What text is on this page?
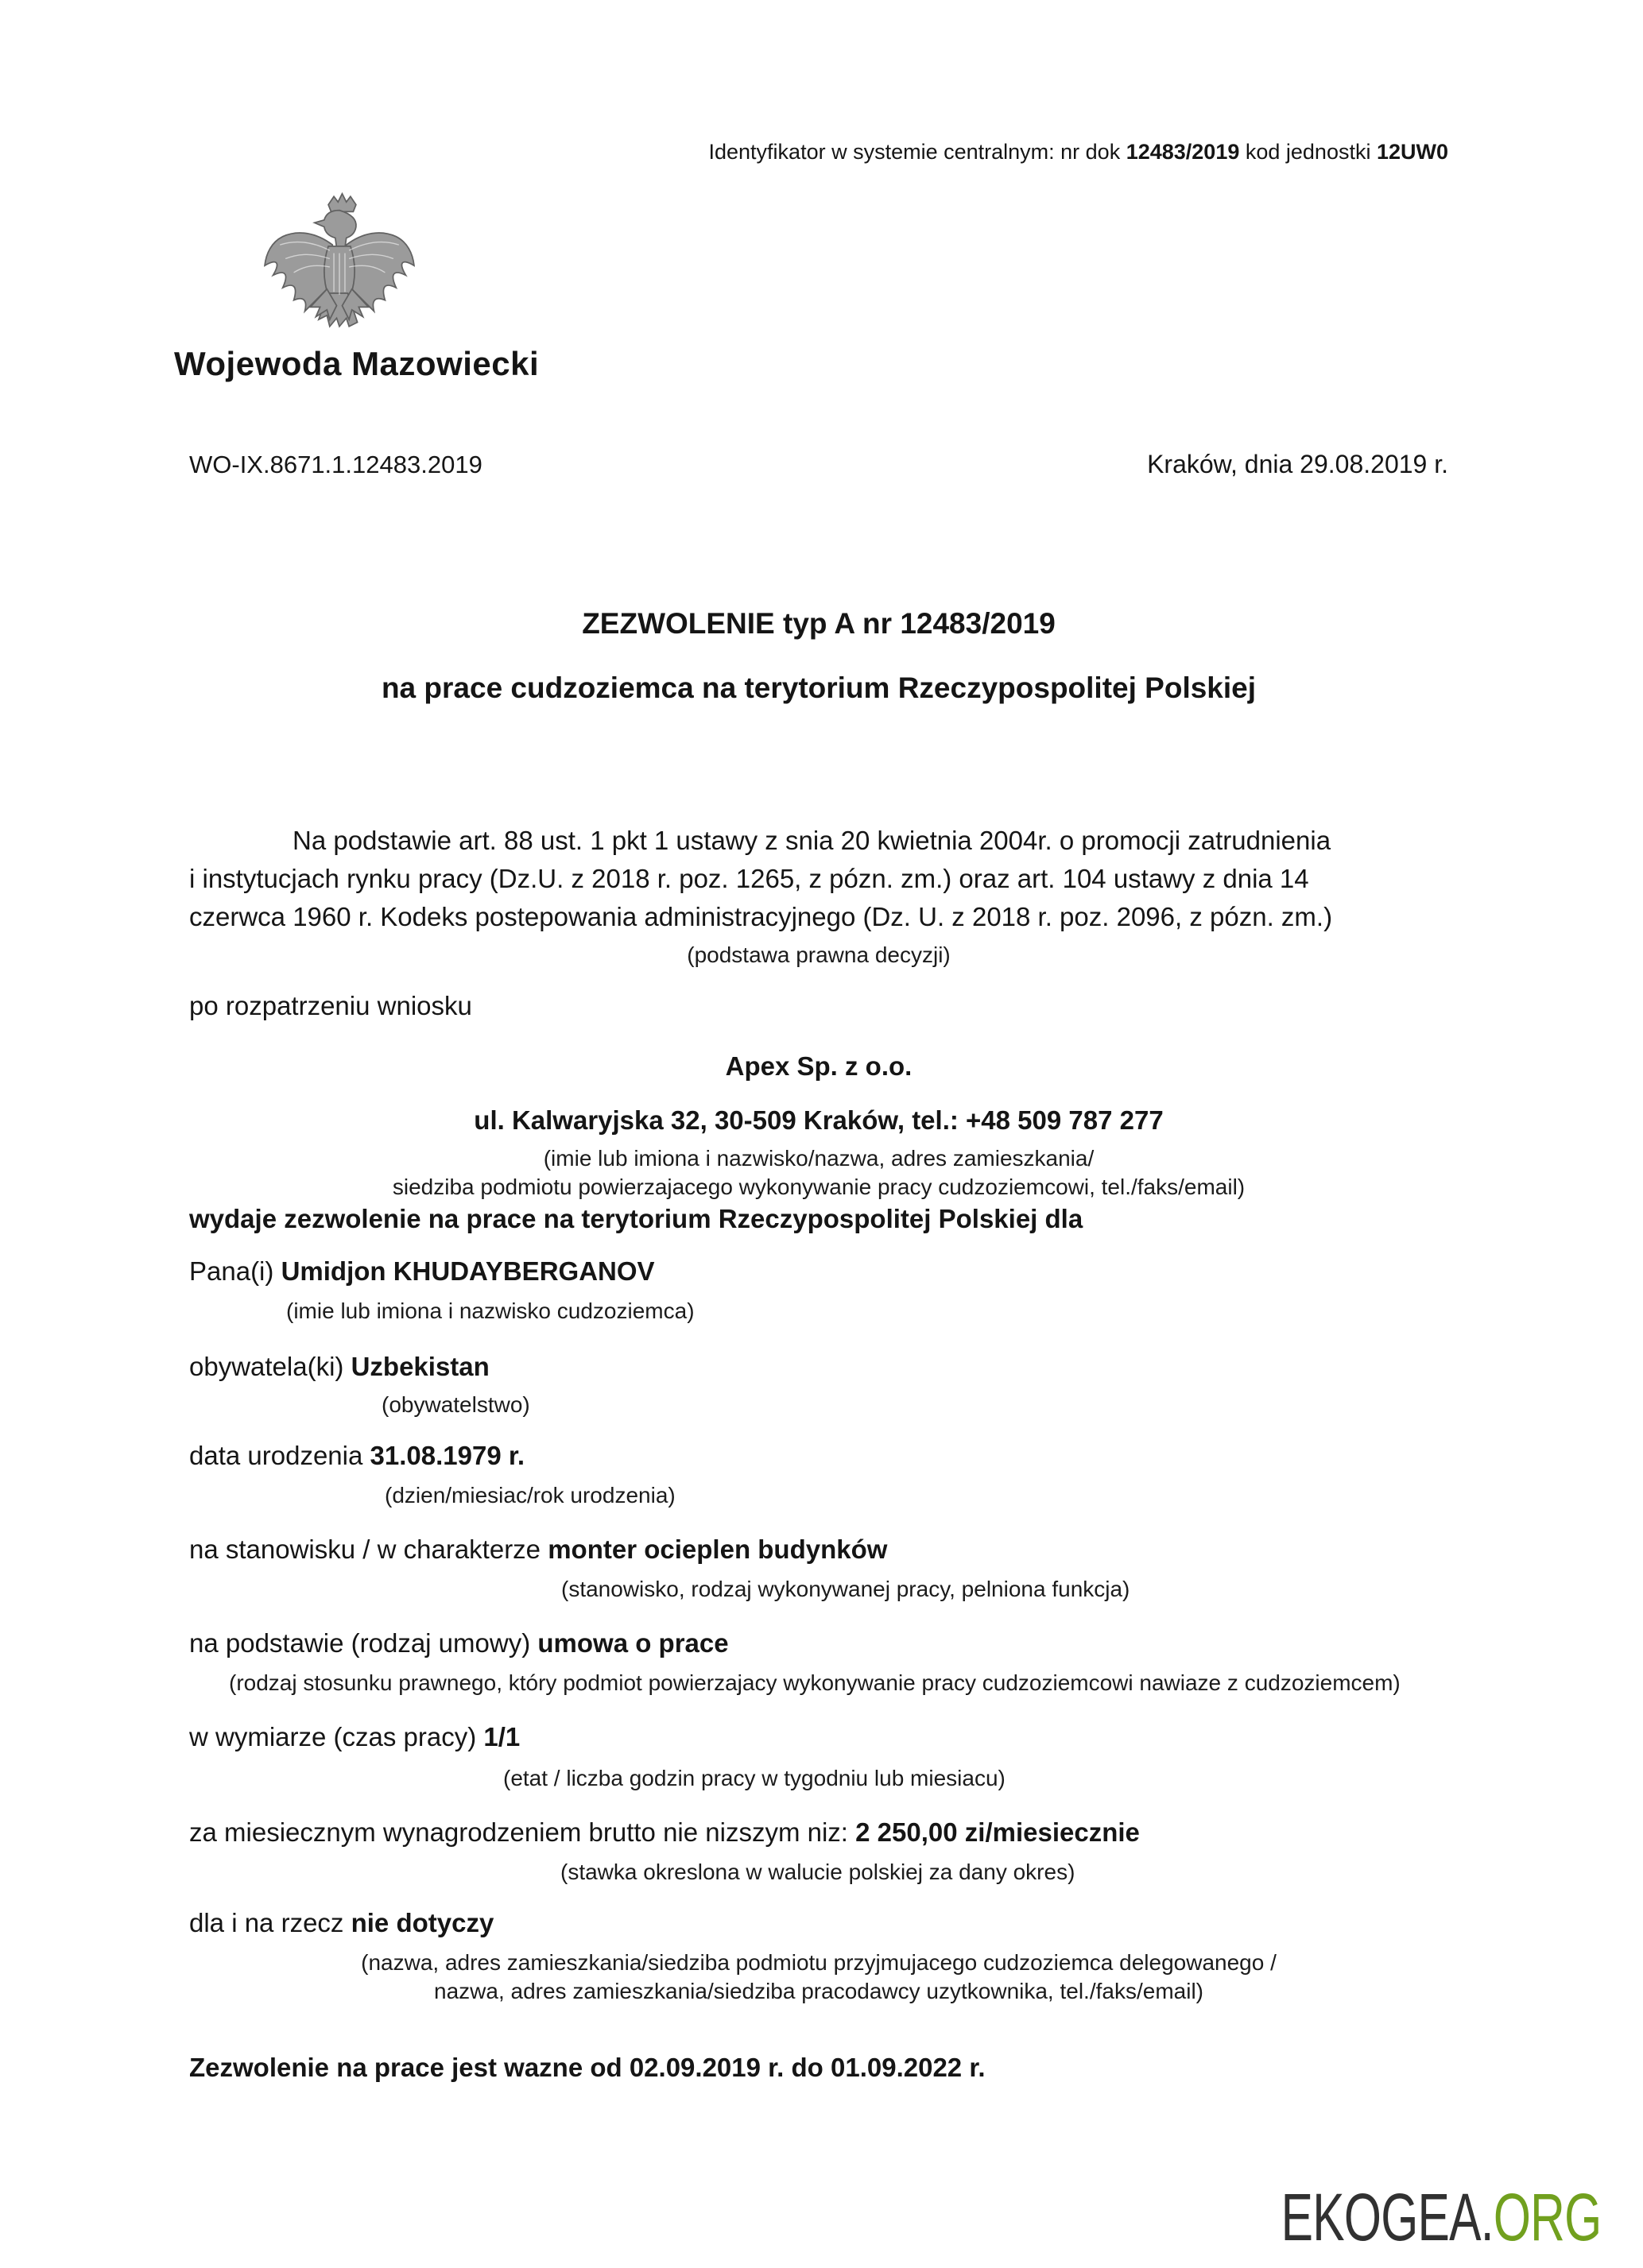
Identyfikator w systemie centralnym: nr dok 12483/2019 kod jednostki 12UW0
Wojewoda Mazowiecki
WO-IX.8671.1.12483.2019	Kraków, dnia 29.08.2019 r.
ZEZWOLENIE typ A nr 12483/2019
na prace cudzoziemca na terytorium Rzeczypospolitej Polskiej
Na podstawie art. 88 ust. 1 pkt 1 ustawy z snia 20 kwietnia 2004r. o promocji zatrudnienia
i instytucjach rynku pracy (Dz.U. z 2018 r. poz. 1265, z pózn. zm.) oraz art. 104 ustawy z dnia 14
czerwca 1960 r. Kodeks postepowania administracyjnego (Dz. U. z 2018 r. poz. 2096, z pózn. zm.)
(podstawa prawna decyzji)
po rozpatrzeniu wniosku
Apex Sp. z o.o.
ul. Kalwaryjska 32, 30-509 Kraków, tel.: +48 509 787 277
(imie lub imiona i nazwisko/nazwa, adres zamieszkania/
siedziba podmiotu powierzajacego wykonywanie pracy cudzoziemcowi, tel./faks/email)
wydaje zezwolenie na prace na terytorium Rzeczypospolitej Polskiej dla
Pana(i) Umidjon KHUDAYBERGANOV
(imie lub imiona i nazwisko cudzoziemca)
obywatela(ki) Uzbekistan
(obywatelstwo)
data urodzenia 31.08.1979 r.
(dzien/miesiac/rok urodzenia)
na stanowisku / w charakterze monter ocieplen budynków
(stanowisko, rodzaj wykonywanej pracy, pelniona funkcja)
na podstawie (rodzaj umowy) umowa o prace
(rodzaj stosunku prawnego, który podmiot powierzajacy wykonywanie pracy cudzoziemcowi nawiaze z cudzoziemcem)
w wymiarze (czas pracy) 1/1
(etat / liczba godzin pracy w tygodniu lub miesiacu)
za miesiecznym wynagrodzeniem brutto nie nizszym niz: 2 250,00 zi/miesiecznie
(stawka okreslona w walucie polskiej za dany okres)
dla i na rzecz nie dotyczy
(nazwa, adres zamieszkania/siedziba podmiotu przyjmujacego cudzoziemca delegowanego /
nazwa, adres zamieszkania/siedziba pracodawcy uzytkownika, tel./faks/email)
Zezwolenie na prace jest wazne od 02.09.2019 r. do 01.09.2022 r.
EKOGEA.ORG
